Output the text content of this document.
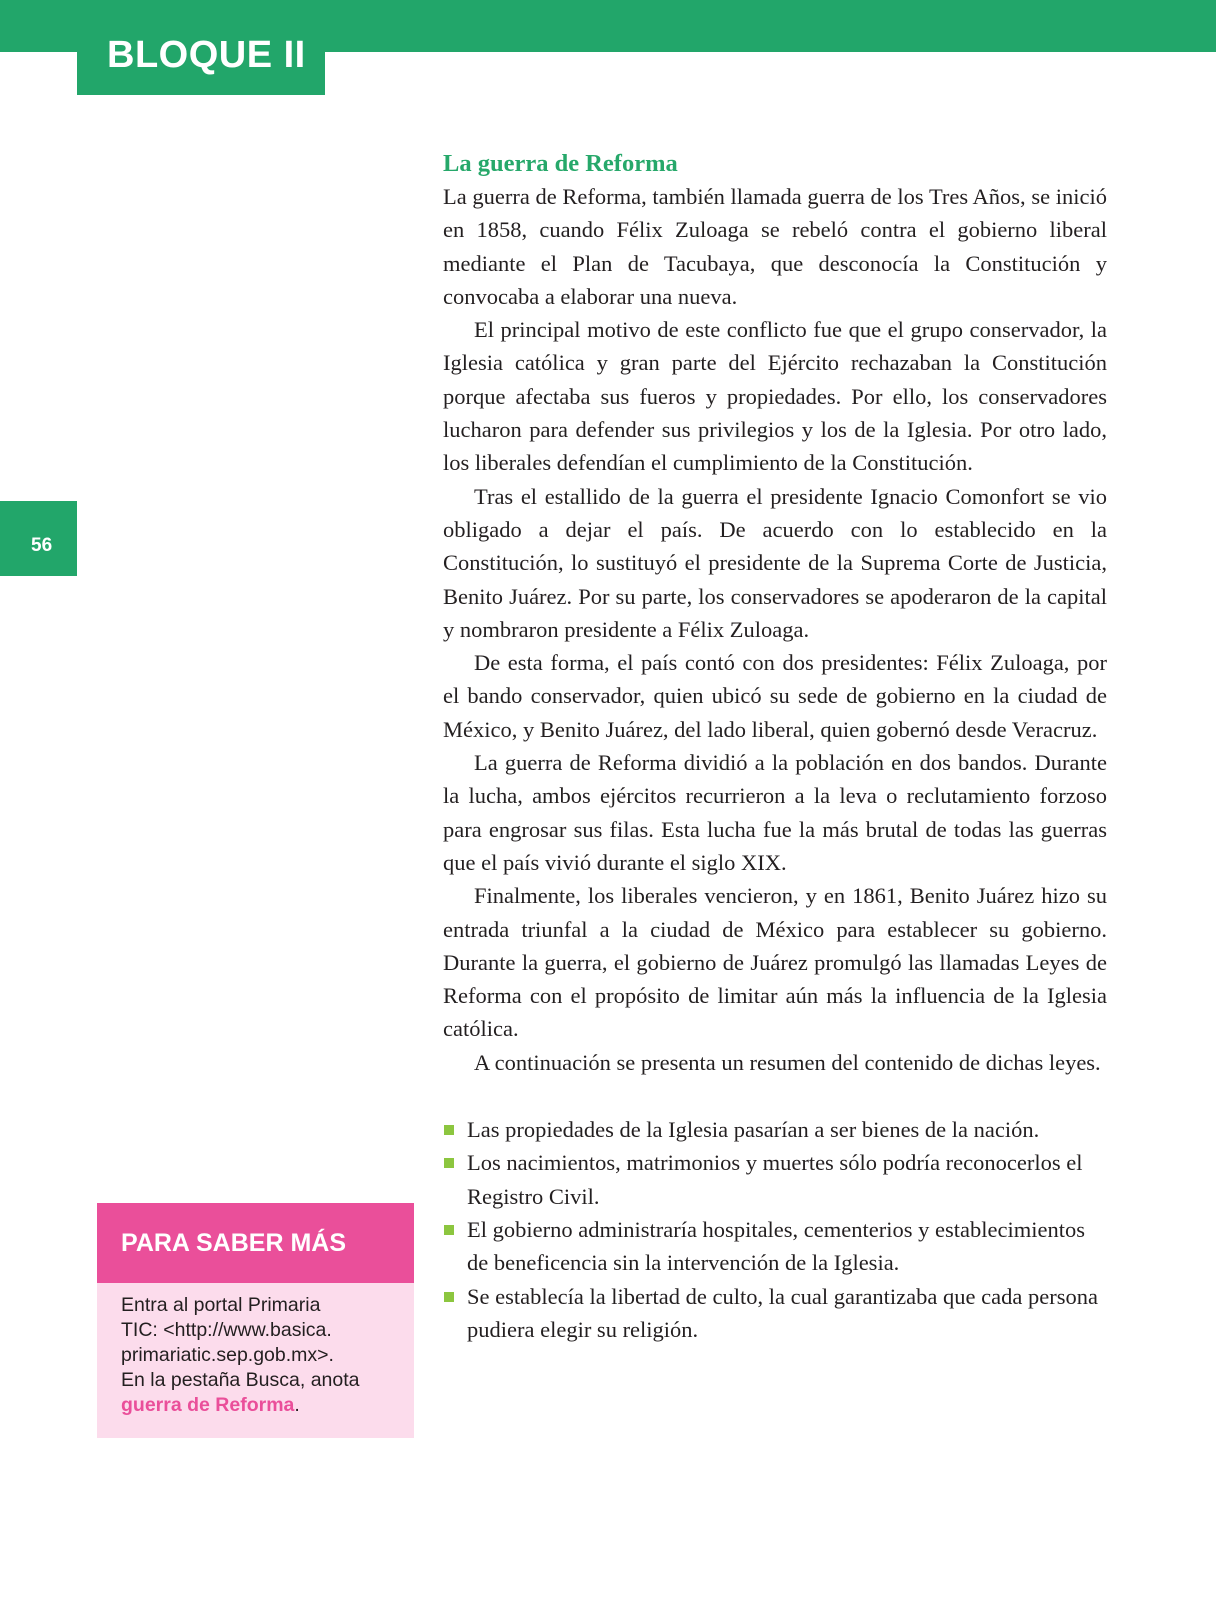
BLOQUE II
56
La guerra de Reforma

La guerra de Reforma, también llamada guerra de los Tres Años, se inició en 1858, cuando Félix Zuloaga se rebeló contra el gobierno liberal mediante el Plan de Tacubaya, que desconocía la Constitución y convocaba a elaborar una nueva.

El principal motivo de este conflicto fue que el grupo conservador, la Iglesia católica y gran parte del Ejército rechazaban la Constitución porque afectaba sus fueros y propiedades. Por ello, los conservadores lucharon para defender sus privilegios y los de la Iglesia. Por otro lado, los liberales defendían el cumplimiento de la Constitución.

Tras el estallido de la guerra el presidente Ignacio Comonfort se vio obligado a dejar el país. De acuerdo con lo establecido en la Constitución, lo sustituyó el presidente de la Suprema Corte de Justicia, Benito Juárez. Por su parte, los conservadores se apoderaron de la capital y nombraron presidente a Félix Zuloaga.

De esta forma, el país contó con dos presidentes: Félix Zuloaga, por el bando conservador, quien ubicó su sede de gobierno en la ciudad de México, y Benito Juárez, del lado liberal, quien gobernó desde Veracruz.

La guerra de Reforma dividió a la población en dos bandos. Durante la lucha, ambos ejércitos recurrieron a la leva o reclutamiento forzoso para engrosar sus filas. Esta lucha fue la más brutal de todas las guerras que el país vivió durante el siglo XIX.

Finalmente, los liberales vencieron, y en 1861, Benito Juárez hizo su entrada triunfal a la ciudad de México para establecer su gobierno. Durante la guerra, el gobierno de Juárez promulgó las llamadas Leyes de Reforma con el propósito de limitar aún más la influencia de la Iglesia católica.

A continuación se presenta un resumen del contenido de dichas leyes.

Las propiedades de la Iglesia pasarían a ser bienes de la nación.
Los nacimientos, matrimonios y muertes sólo podría reconocerlos el Registro Civil.
El gobierno administraría hospitales, cementerios y establecimientos de beneficencia sin la intervención de la Iglesia.
Se establecía la libertad de culto, la cual garantizaba que cada persona pudiera elegir su religión.
PARA SABER MÁS
Entra al portal Primaria
TIC: <http://www.basica.
primariatic.sep.gob.mx>.
En la pestaña Busca, anota
guerra de Reforma.
